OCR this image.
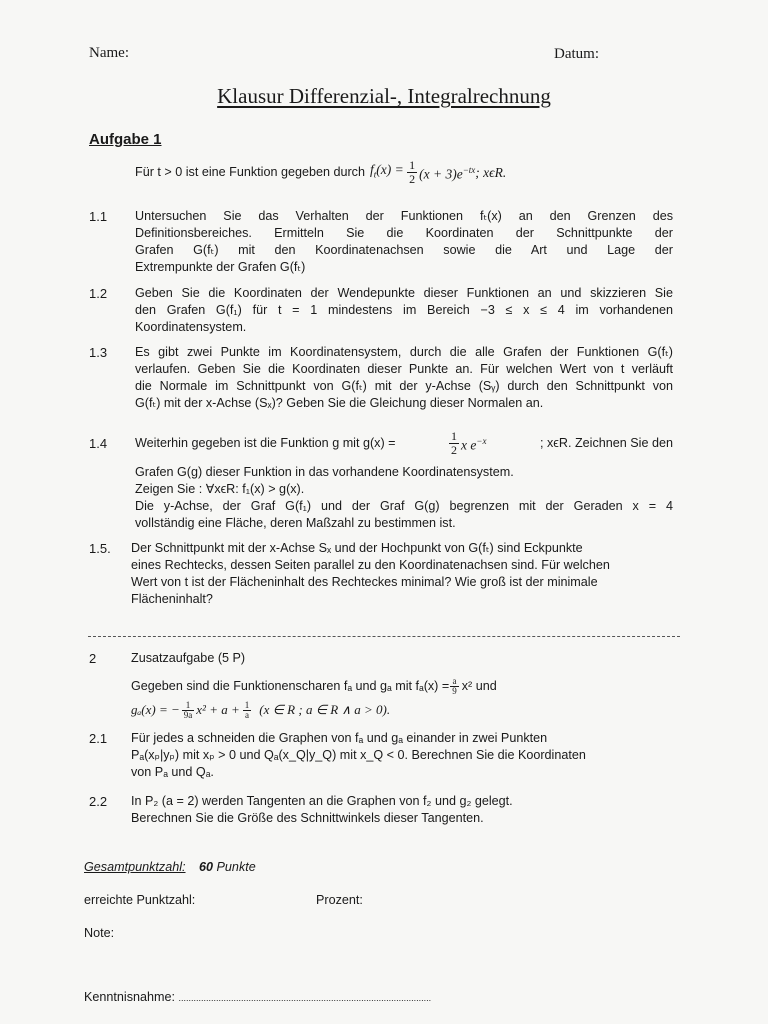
Name:	Datum:
Klausur Differenzial-, Integralrechnung
Aufgabe 1
Für t > 0 ist eine Funktion gegeben durch $f_t(x) = \frac{1}{2} (x + 3)e^{-tx}$ ; xϵR.
1.1	Untersuchen Sie das Verhalten der Funktionen fₜ(x) an den Grenzen des
Definitionsbereiches. Ermitteln Sie die Koordinaten der Schnittpunkte der
Grafen G(fₜ) mit den Koordinatenachsen sowie die Art und Lage der
Extrempunkte der Grafen G(fₜ)
1.2	Geben Sie die Koordinaten der Wendepunkte dieser Funktionen an und skizzieren Sie
den Grafen G(f₁) für t = 1 mindestens im Bereich −3 ≤ x ≤ 4 im vorhandenen
Koordinatensystem.
1.3	Es gibt zwei Punkte im Koordinatensystem, durch die alle Grafen der Funktionen G(fₜ)
verlaufen. Geben Sie die Koordinaten dieser Punkte an. Für welchen Wert von t verläuft
die Normale im Schnittpunkt von G(fₜ) mit der y-Achse (Sᵧ) durch den Schnittpunkt von
G(fₜ) mit der x-Achse (Sₓ)? Geben Sie die Gleichung dieser Normalen an.
1.4	Weiterhin gegeben ist die Funktion g mit g(x) =	$\frac{1}{2}$ x $e^{-x}$	; xϵR. Zeichnen Sie den
Grafen G(g) dieser Funktion in das vorhandene Koordinatensystem.
Zeigen Sie : ∀xϵR: f₁(x) > g(x).
Die y-Achse, der Graf G(f₁) und der Graf G(g) begrenzen mit der Geraden x = 4
vollständig eine Fläche, deren Maßzahl zu bestimmen ist.
1.5.	Der Schnittpunkt mit der x-Achse Sₓ und der Hochpunkt von G(fₜ) sind Eckpunkte
eines Rechtecks, dessen Seiten parallel zu den Koordinatenachsen sind. Für welchen
Wert von t ist der Flächeninhalt des Rechteckes minimal? Wie groß ist der minimale
Flächeninhalt?
2	Zusatzaufgabe (5 P)
Gegeben sind die Funktionenscharen fₐ und gₐ mit $f_a(x) = \frac{a}{9} x^2$ und
gₐ(x) = − $\frac{1}{9a} x^2 + a + \frac{1}{a} (x$ ∈ R ; a ∈ R ∧ a > 0).
2.1	Für jedes a schneiden die Graphen von fₐ und gₐ einander in zwei Punkten
Pₐ(xₚ|yₚ) mit xₚ > 0 und Qₐ(x_Q|y_Q) mit x_Q < 0. Berechnen Sie die Koordinaten
von Pₐ und Qₐ.
2.2	In P₂ (a = 2) werden Tangenten an die Graphen von f₂ und g₂ gelegt.
Berechnen Sie die Größe des Schnittwinkels dieser Tangenten.
Gesamtpunktzahl: 60 Punkte
erreichte Punktzahl:	Prozent:
Note:
Kenntnisnahme: .....................................................................................................
